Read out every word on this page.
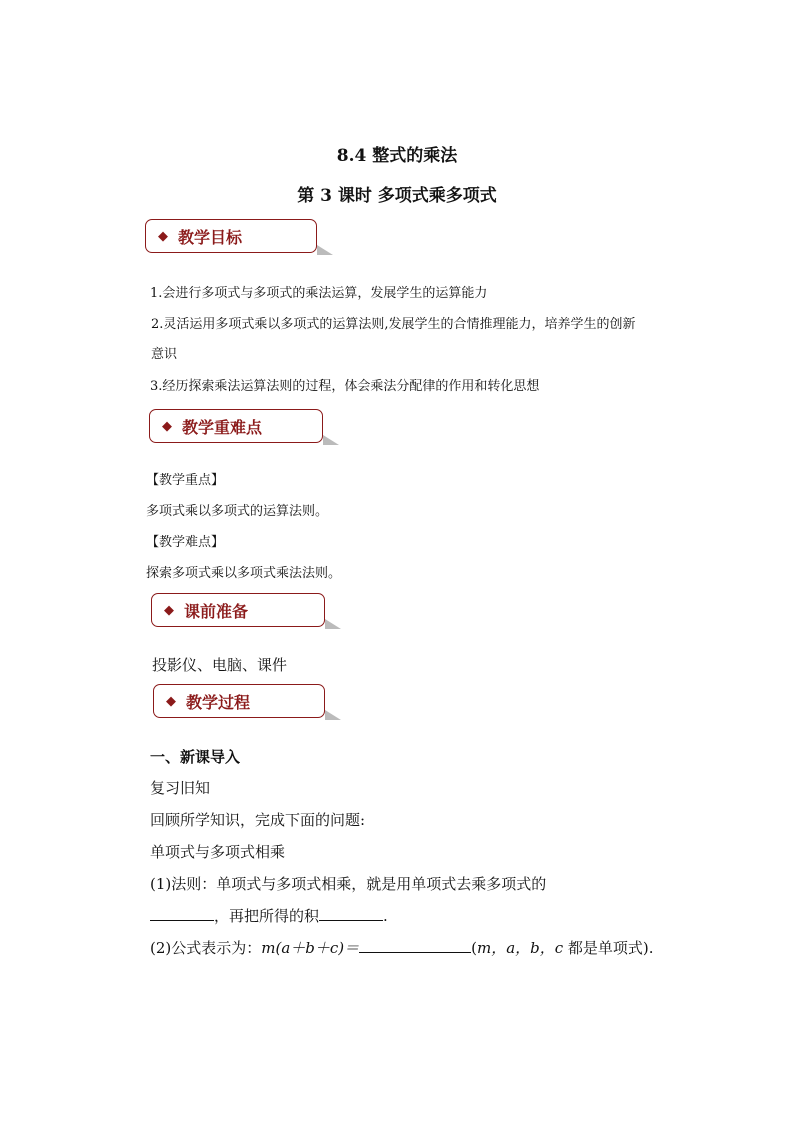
8.4 整式的乘法
第 3 课时 多项式乘多项式
◆ 教学目标
1.会进行多项式与多项式的乘法运算，发展学生的运算能力
2.灵活运用多项式乘以多项式的运算法则,发展学生的合情推理能力，培养学生的创新
意识
3.经历探索乘法运算法则的过程，体会乘法分配律的作用和转化思想
◆ 教学重难点
【教学重点】
多项式乘以多项式的运算法则。
【教学难点】
探索多项式乘以多项式乘法法则。
◆ 课前准备
投影仪、电脑、课件
◆ 教学过程
一、新课导入
复习旧知
回顾所学知识，完成下面的问题:
单项式与多项式相乘
(1)法则：单项式与多项式相乘，就是用单项式去乘多项式的
，再把所得的积	.
(2)公式表示为：m(a＋b＋c)＝	(m，a，b，c 都是单项式).
